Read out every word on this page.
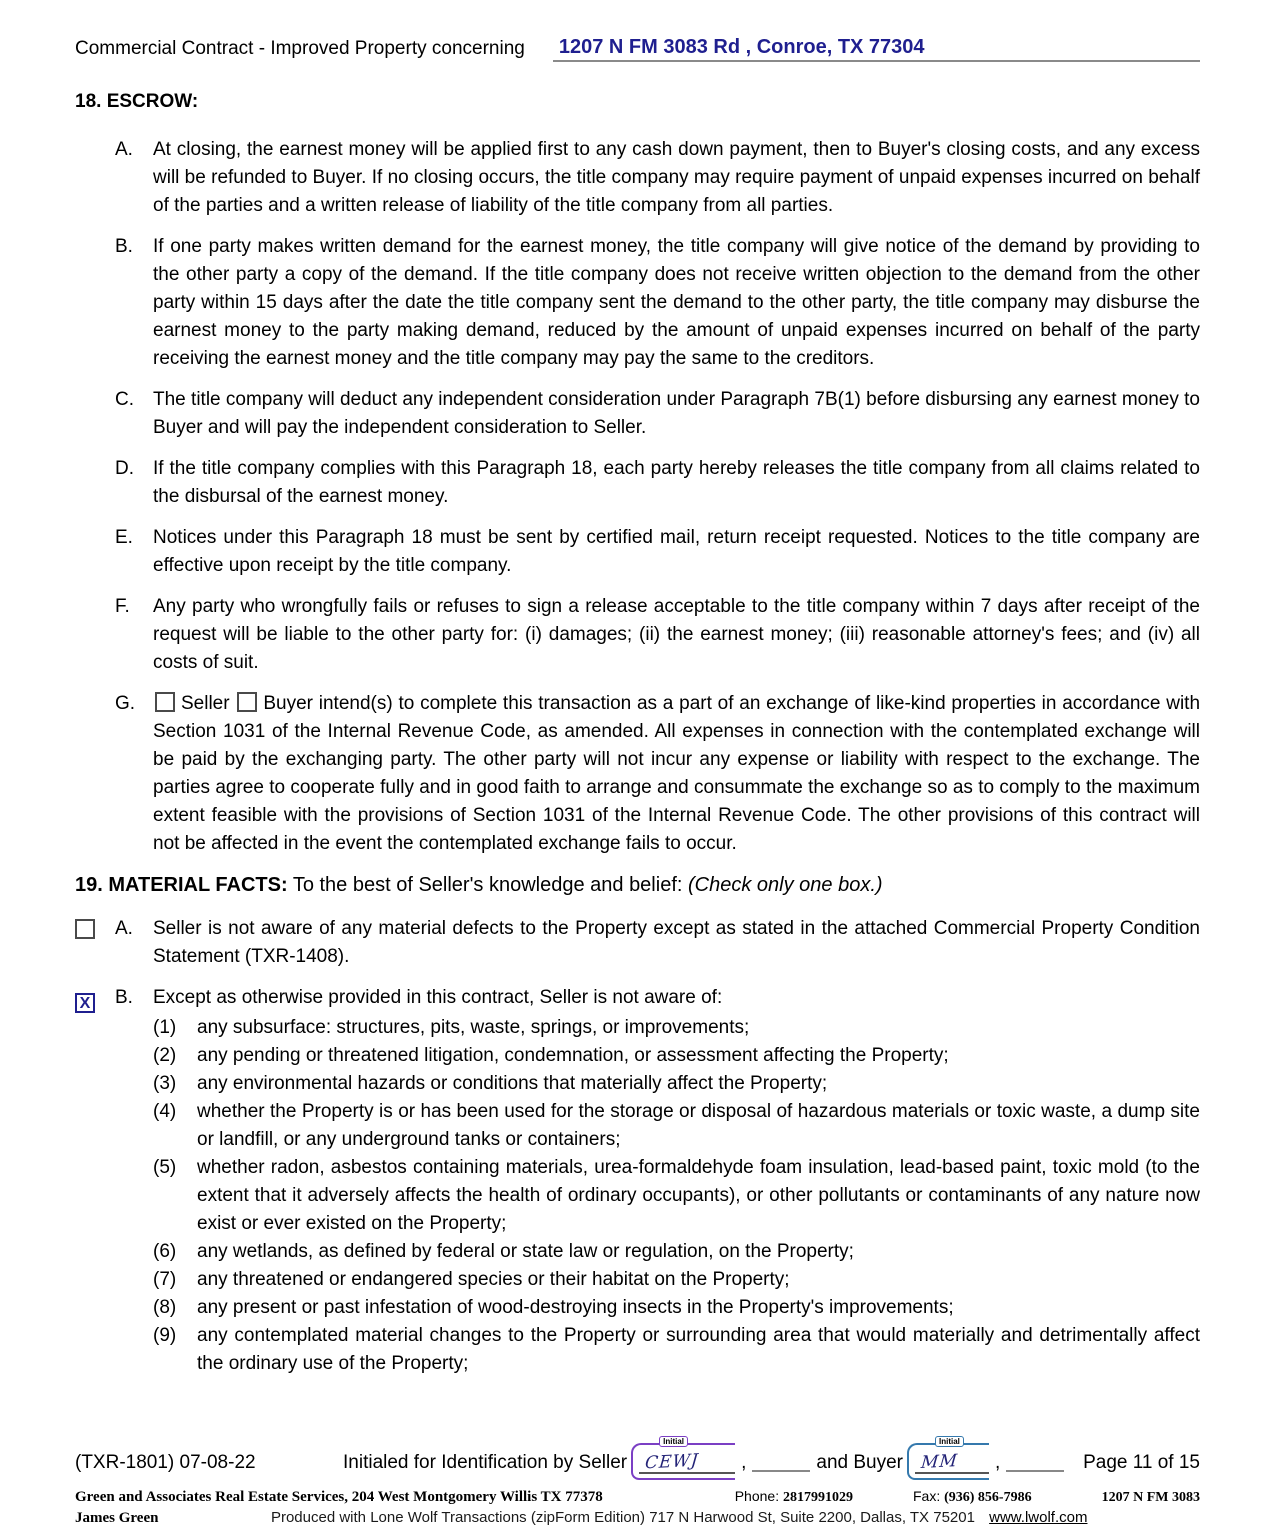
Commercial Contract - Improved Property concerning	1207 N FM 3083 Rd , Conroe, TX 77304
18. ESCROW:
A.	At closing, the earnest money will be applied first to any cash down payment, then to Buyer's closing costs, and any excess will be refunded to Buyer. If no closing occurs, the title company may require payment of unpaid expenses incurred on behalf of the parties and a written release of liability of the title company from all parties.
B.	If one party makes written demand for the earnest money, the title company will give notice of the demand by providing to the other party a copy of the demand. If the title company does not receive written objection to the demand from the other party within 15 days after the date the title company sent the demand to the other party, the title company may disburse the earnest money to the party making demand, reduced by the amount of unpaid expenses incurred on behalf of the party receiving the earnest money and the title company may pay the same to the creditors.
C.	The title company will deduct any independent consideration under Paragraph 7B(1) before disbursing any earnest money to Buyer and will pay the independent consideration to Seller.
D.	If the title company complies with this Paragraph 18, each party hereby releases the title company from all claims related to the disbursal of the earnest money.
E.	Notices under this Paragraph 18 must be sent by certified mail, return receipt requested. Notices to the title company are effective upon receipt by the title company.
F.	Any party who wrongfully fails or refuses to sign a release acceptable to the title company within 7 days after receipt of the request will be liable to the other party for: (i) damages; (ii) the earnest money; (iii) reasonable attorney's fees; and (iv) all costs of suit.
G.	Seller Buyer intend(s) to complete this transaction as a part of an exchange of like-kind properties in accordance with Section 1031 of the Internal Revenue Code, as amended. All expenses in connection with the contemplated exchange will be paid by the exchanging party. The other party will not incur any expense or liability with respect to the exchange. The parties agree to cooperate fully and in good faith to arrange and consummate the exchange so as to comply to the maximum extent feasible with the provisions of Section 1031 of the Internal Revenue Code. The other provisions of this contract will not be affected in the event the contemplated exchange fails to occur.
19. MATERIAL FACTS: To the best of Seller's knowledge and belief: (Check only one box.)
A.	Seller is not aware of any material defects to the Property except as stated in the attached Commercial Property Condition Statement (TXR-1408).
X	B.	Except as otherwise provided in this contract, Seller is not aware of:
(1)	any subsurface: structures, pits, waste, springs, or improvements;
(2)	any pending or threatened litigation, condemnation, or assessment affecting the Property;
(3)	any environmental hazards or conditions that materially affect the Property;
(4)	whether the Property is or has been used for the storage or disposal of hazardous materials or toxic waste, a dump site or landfill, or any underground tanks or containers;
(5)	whether radon, asbestos containing materials, urea-formaldehyde foam insulation, lead-based paint, toxic mold (to the extent that it adversely affects the health of ordinary occupants), or other pollutants or contaminants of any nature now exist or ever existed on the Property;
(6)	any wetlands, as defined by federal or state law or regulation, on the Property;
(7)	any threatened or endangered species or their habitat on the Property;
(8)	any present or past infestation of wood-destroying insects in the Property's improvements;
(9)	any contemplated material changes to the Property or surrounding area that would materially and detrimentally affect the ordinary use of the Property;
(TXR-1801) 07-08-22	Initialed for Identification by Seller
Initial
CEWJ ,	and Buyer
Initial
MM ,	Page 11 of 15
Green and Associates Real Estate Services, 204 West Montgomery Willis TX 77378	Phone: 2817991029	Fax: (936) 856-7986	1207 N FM 3083
James Green	Produced with Lone Wolf Transactions (zipForm Edition) 717 N Harwood St, Suite 2200, Dallas, TX 75201 www.lwolf.com
